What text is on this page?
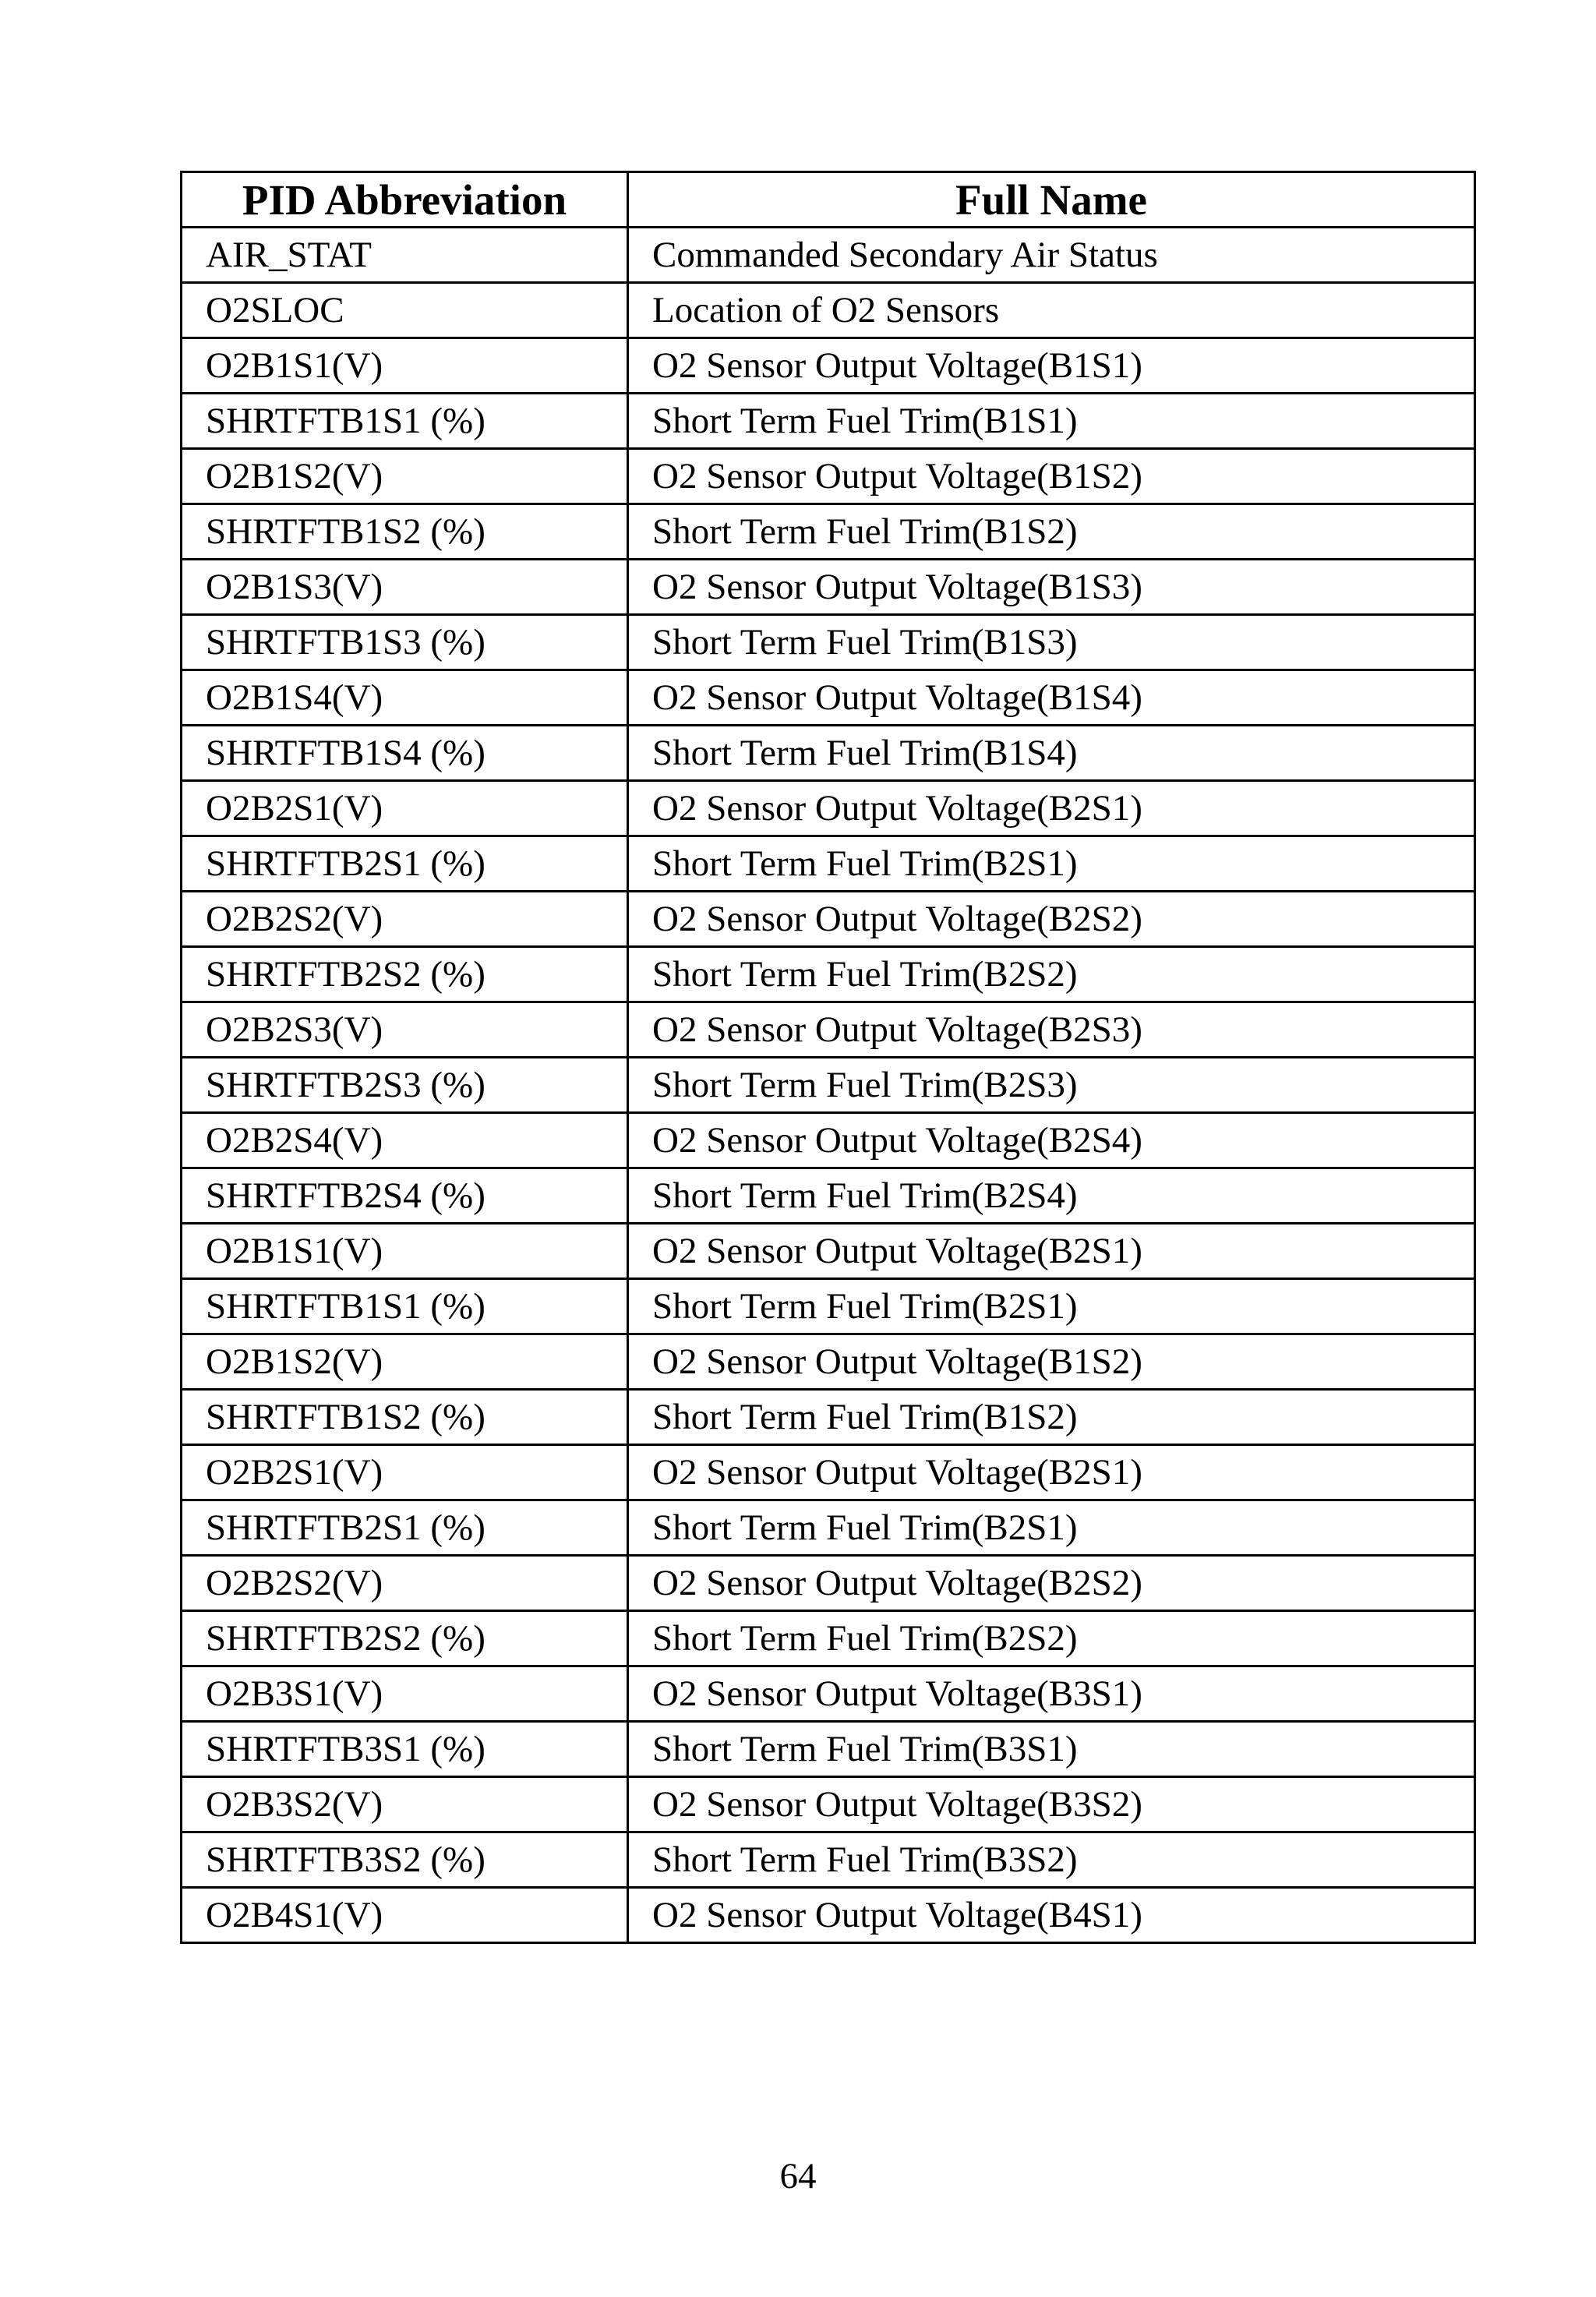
PID Abbreviation	Full Name
AIR_STAT	Commanded Secondary Air Status
O2SLOC	Location of O2 Sensors
O2B1S1(V)	O2 Sensor Output Voltage(B1S1)
SHRTFTB1S1 (%)	Short Term Fuel Trim(B1S1)
O2B1S2(V)	O2 Sensor Output Voltage(B1S2)
SHRTFTB1S2 (%)	Short Term Fuel Trim(B1S2)
O2B1S3(V)	O2 Sensor Output Voltage(B1S3)
SHRTFTB1S3 (%)	Short Term Fuel Trim(B1S3)
O2B1S4(V)	O2 Sensor Output Voltage(B1S4)
SHRTFTB1S4 (%)	Short Term Fuel Trim(B1S4)
O2B2S1(V)	O2 Sensor Output Voltage(B2S1)
SHRTFTB2S1 (%)	Short Term Fuel Trim(B2S1)
O2B2S2(V)	O2 Sensor Output Voltage(B2S2)
SHRTFTB2S2 (%)	Short Term Fuel Trim(B2S2)
O2B2S3(V)	O2 Sensor Output Voltage(B2S3)
SHRTFTB2S3 (%)	Short Term Fuel Trim(B2S3)
O2B2S4(V)	O2 Sensor Output Voltage(B2S4)
SHRTFTB2S4 (%)	Short Term Fuel Trim(B2S4)
O2B1S1(V)	O2 Sensor Output Voltage(B2S1)
SHRTFTB1S1 (%)	Short Term Fuel Trim(B2S1)
O2B1S2(V)	O2 Sensor Output Voltage(B1S2)
SHRTFTB1S2 (%)	Short Term Fuel Trim(B1S2)
O2B2S1(V)	O2 Sensor Output Voltage(B2S1)
SHRTFTB2S1 (%)	Short Term Fuel Trim(B2S1)
O2B2S2(V)	O2 Sensor Output Voltage(B2S2)
SHRTFTB2S2 (%)	Short Term Fuel Trim(B2S2)
O2B3S1(V)	O2 Sensor Output Voltage(B3S1)
SHRTFTB3S1 (%)	Short Term Fuel Trim(B3S1)
O2B3S2(V)	O2 Sensor Output Voltage(B3S2)
SHRTFTB3S2 (%)	Short Term Fuel Trim(B3S2)
O2B4S1(V)	O2 Sensor Output Voltage(B4S1)
64
